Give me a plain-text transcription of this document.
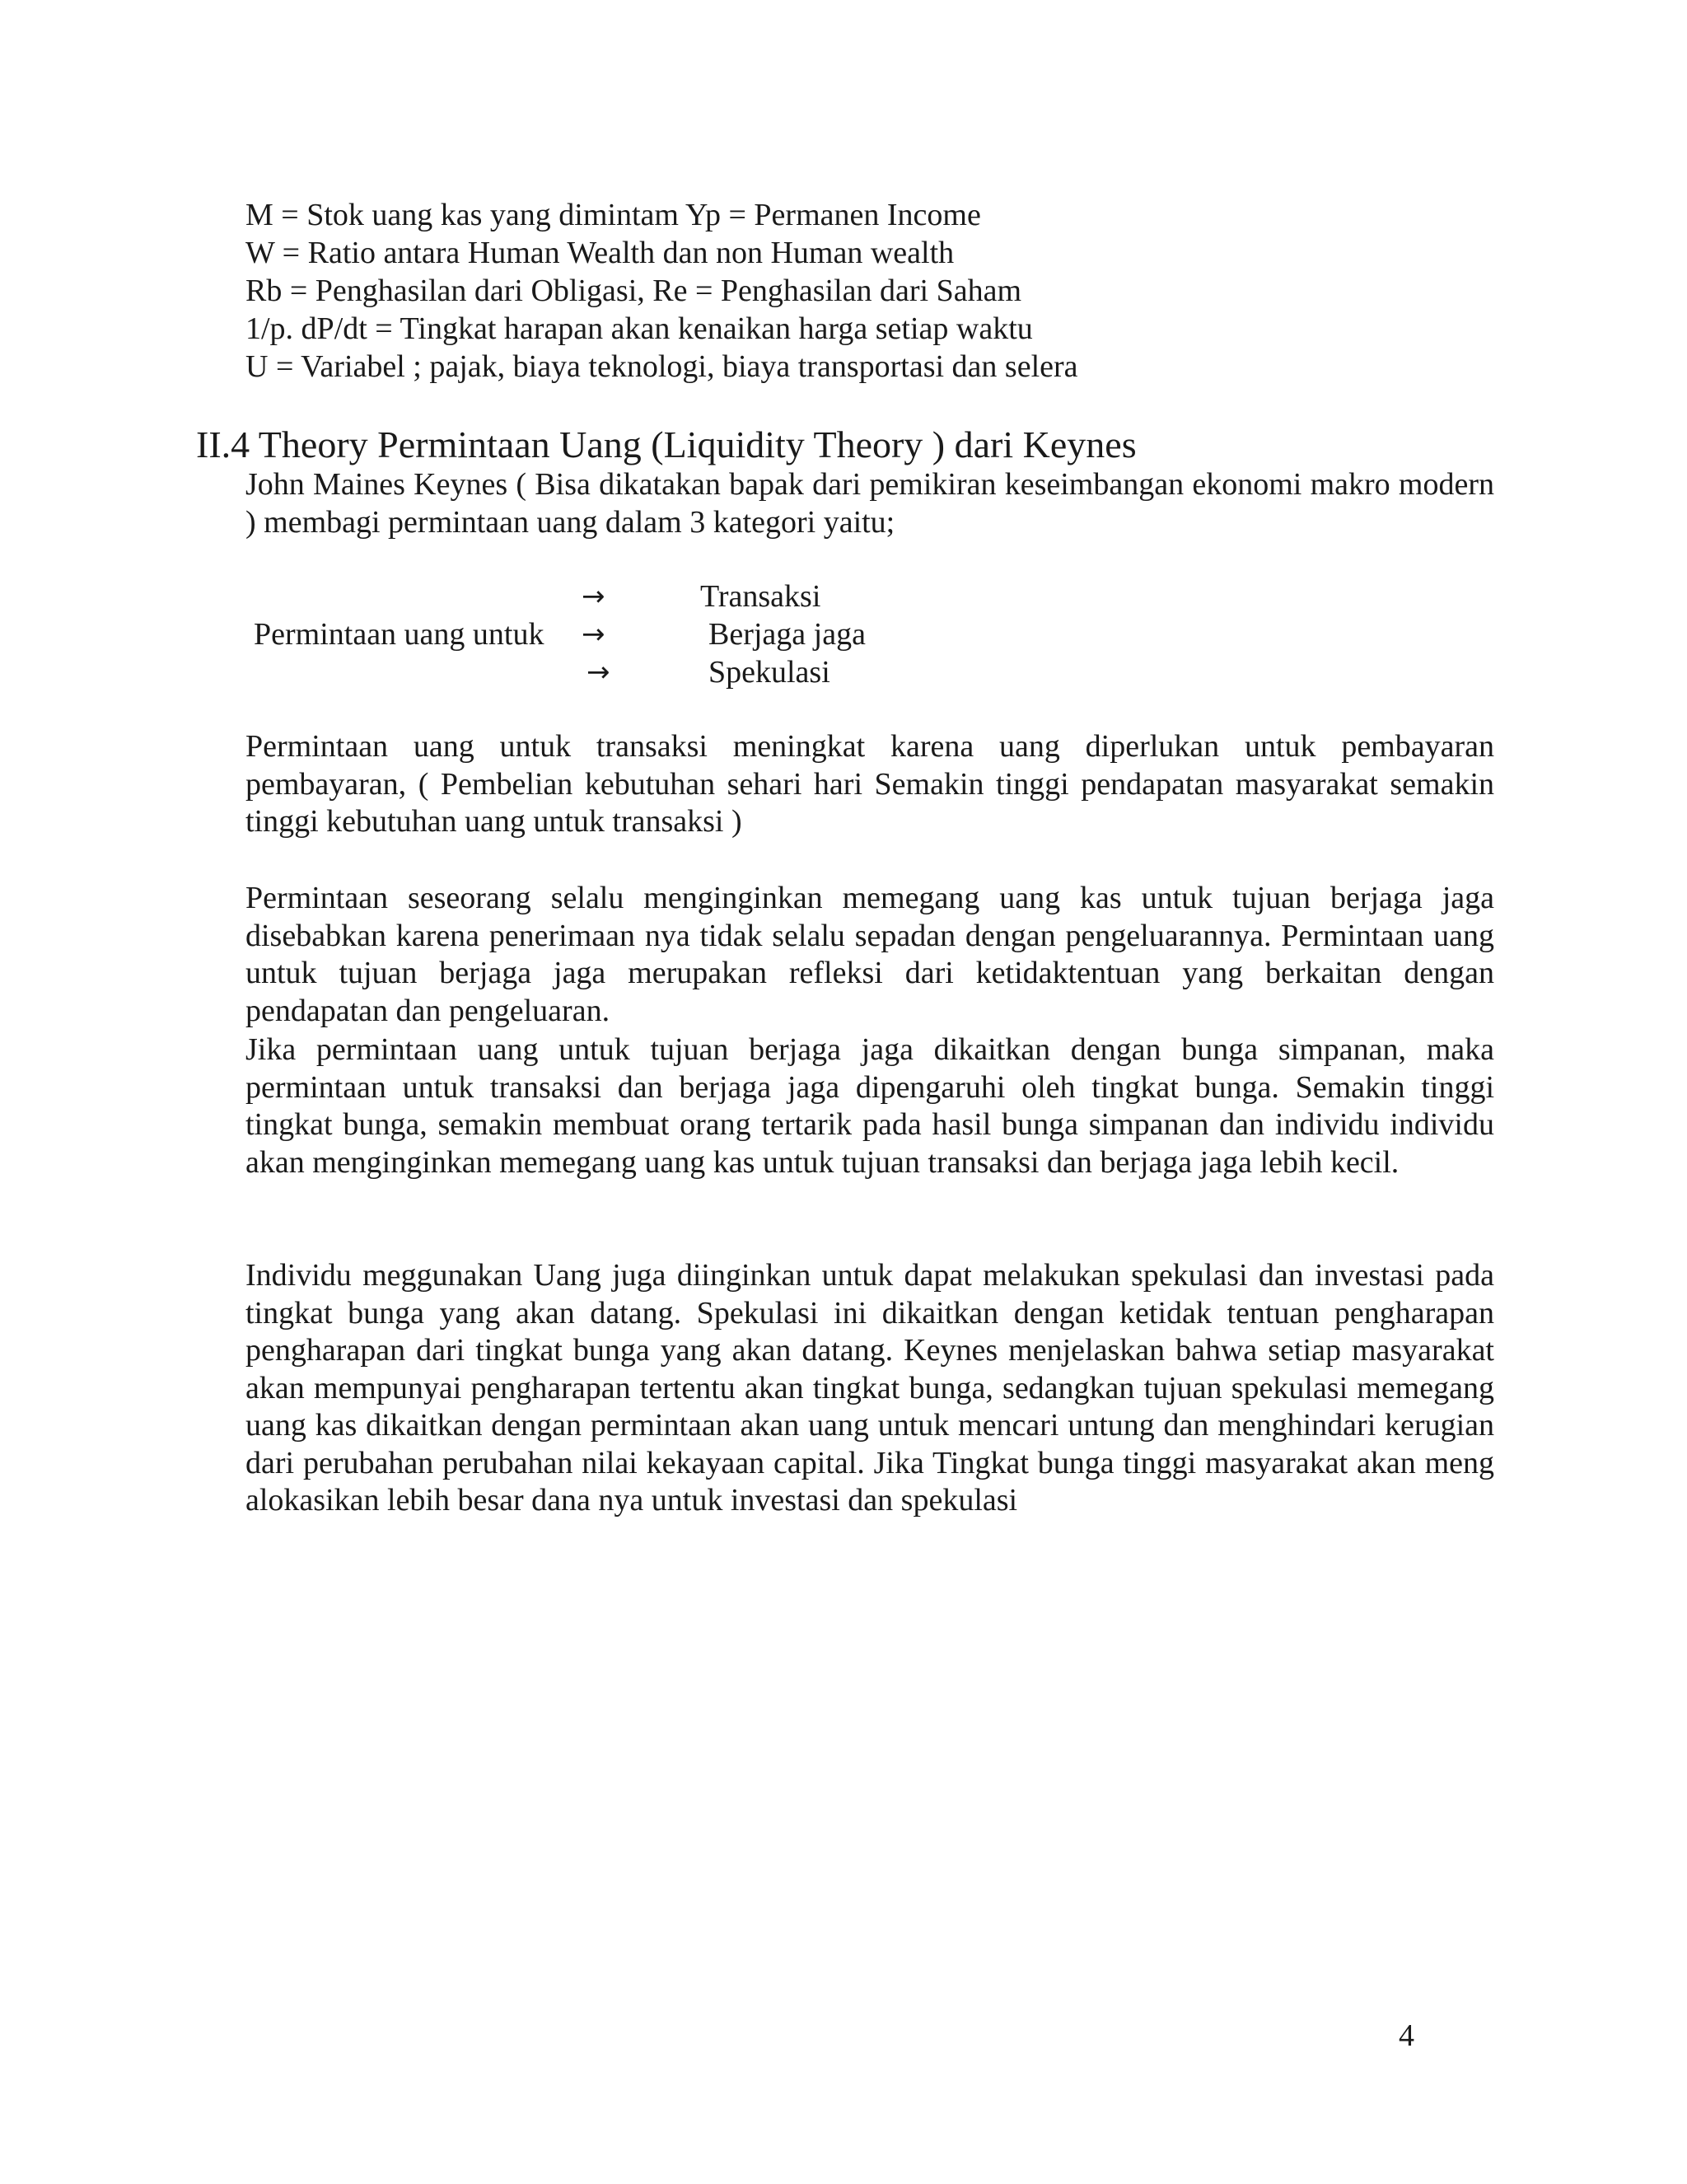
M = Stok uang kas yang dimintam Yp = Permanen Income
W = Ratio antara Human Wealth dan non Human wealth
Rb = Penghasilan dari Obligasi, Re = Penghasilan dari Saham
1/p. dP/dt = Tingkat harapan akan kenaikan harga setiap waktu
U = Variabel ; pajak, biaya teknologi, biaya transportasi dan selera
II.4 Theory Permintaan Uang (Liquidity Theory ) dari Keynes
John Maines Keynes ( Bisa dikatakan bapak dari pemikiran keseimbangan ekonomi makro modern ) membagi permintaan uang dalam 3 kategori yaitu;
→	Transaksi
Permintaan uang untuk →	Berjaga jaga
→	Spekulasi
Permintaan uang untuk transaksi meningkat karena uang diperlukan untuk pembayaran pembayaran, ( Pembelian kebutuhan sehari hari Semakin tinggi pendapatan masyarakat semakin tinggi kebutuhan uang untuk transaksi )
Permintaan seseorang selalu menginginkan memegang uang kas untuk tujuan berjaga jaga disebabkan karena penerimaan nya tidak selalu sepadan dengan pengeluarannya. Permintaan uang untuk tujuan berjaga jaga merupakan refleksi dari ketidaktentuan yang berkaitan dengan pendapatan dan pengeluaran.
Jika permintaan uang untuk tujuan berjaga jaga dikaitkan dengan bunga simpanan, maka permintaan untuk transaksi dan berjaga jaga dipengaruhi oleh tingkat bunga. Semakin tinggi tingkat bunga, semakin membuat orang tertarik pada hasil bunga simpanan dan individu individu akan menginginkan memegang uang kas untuk tujuan transaksi dan berjaga jaga lebih kecil.
Individu meggunakan Uang juga diinginkan untuk dapat melakukan spekulasi dan investasi pada tingkat bunga yang akan datang. Spekulasi ini dikaitkan dengan ketidak tentuan pengharapan pengharapan dari tingkat bunga yang akan datang. Keynes menjelaskan bahwa setiap masyarakat akan mempunyai pengharapan tertentu akan tingkat bunga, sedangkan tujuan spekulasi memegang uang kas dikaitkan dengan permintaan akan uang untuk mencari untung dan menghindari kerugian dari perubahan perubahan nilai kekayaan capital. Jika Tingkat bunga tinggi masyarakat akan meng alokasikan lebih besar dana nya untuk investasi dan spekulasi
4
